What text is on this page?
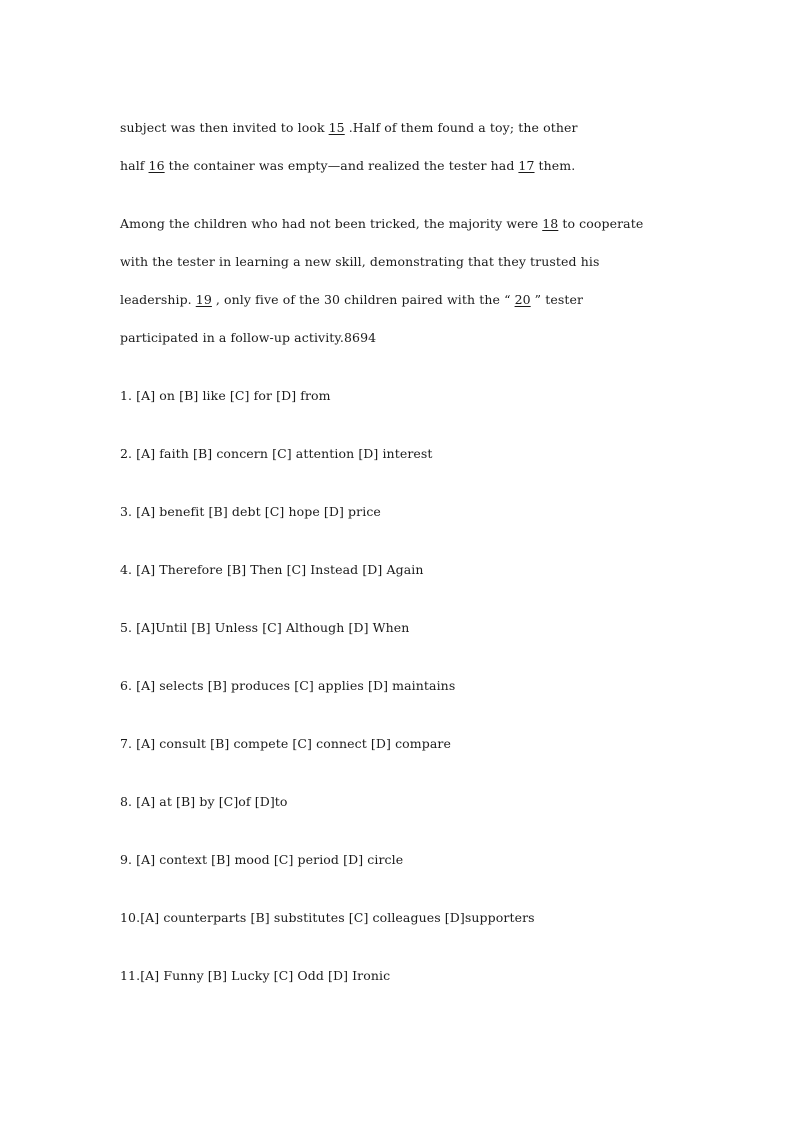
subject was then invited to look 15 .Half of them found a toy; the other
half 16 the container was empty—and realized the tester had 17 them.
Among the children who had not been tricked, the majority were 18 to cooperate
with the tester in learning a new skill, demonstrating that they trusted his
leadership. 19 , only five of the 30 children paired with the “ 20 ” tester
participated in a follow-up activity.8694
1. [A] on [B] like [C] for [D] from
2. [A] faith [B] concern [C] attention [D] interest
3. [A] benefit [B] debt [C] hope [D] price
4. [A] Therefore [B] Then [C] Instead [D] Again
5. [A]Until [B] Unless [C] Although [D] When
6. [A] selects [B] produces [C] applies [D] maintains
7. [A] consult [B] compete [C] connect [D] compare
8. [A] at [B] by [C]of [D]to
9. [A] context [B] mood [C] period [D] circle
10.[A] counterparts [B] substitutes [C] colleagues [D]supporters
11.[A] Funny [B] Lucky [C] Odd [D] Ironic
